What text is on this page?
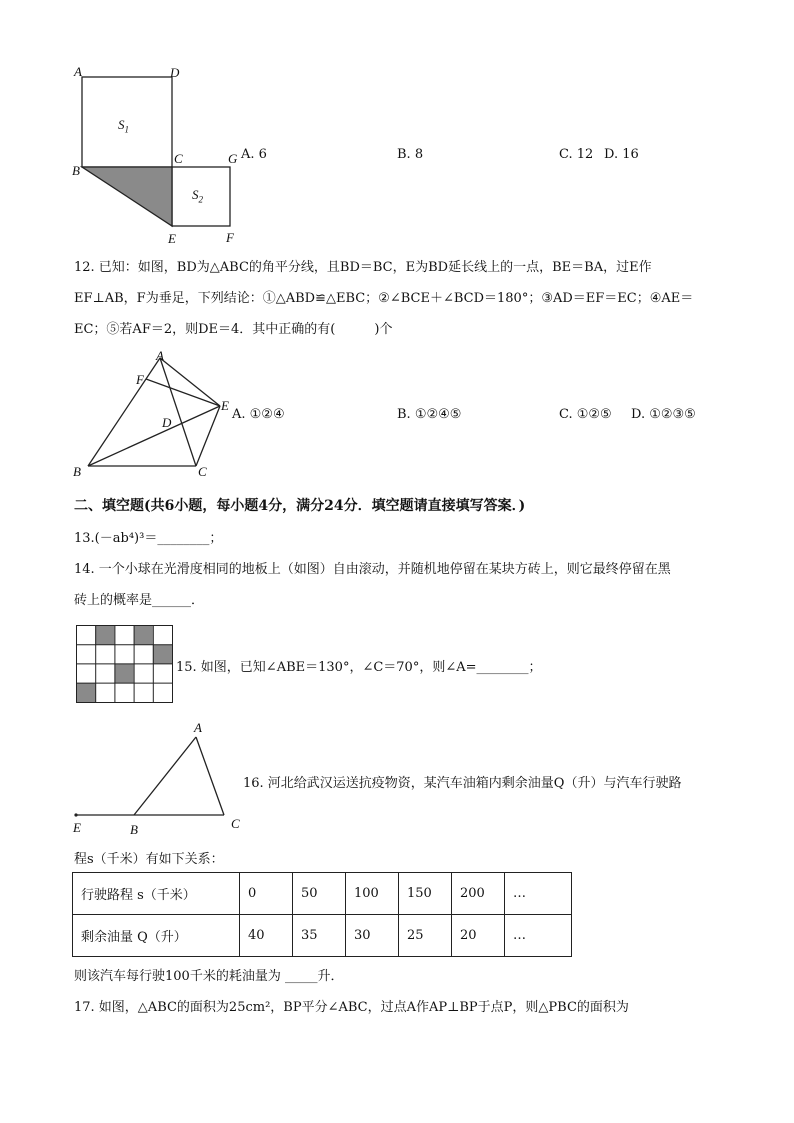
A	D
B
C	G
E	F
$S_1$
$S_2$
A. 6	B. 8	C. 12 D. 16
12. 已知：如图，BD为△ABC的角平分线，且BD＝BC，E为BD延长线上的一点，BE＝BA，过E作
EF⊥AB，F为垂足，下列结论：①△ABD≌△EBC；②∠BCE＋∠BCD＝180°；③AD＝EF＝EC；④AE＝
EC；⑤若AF＝2，则DE＝4．其中正确的有(　　　)个
A
F
E
D
B	C
A. ①②④	B. ①②④⑤	C. ①②⑤ D. ①②③⑤
二、填空题(共6小题，每小题4分，满分24分．填空题请直接填写答案．)
13.(－ab⁴)³＝________；
14. 一个小球在光滑度相同的地板上（如图）自由滚动，并随机地停留在某块方砖上，则它最终停留在黑
砖上的概率是______．
15. 如图，已知∠ABE＝130°，∠C＝70°，则∠A=________；
A
E	B	C
16. 河北给武汉运送抗疫物资，某汽车油箱内剩余油量Q（升）与汽车行驶路
程s（千米）有如下关系：
行驶路程 s（千米）	0	50	100	150	200	…
剩余油量 Q（升）	40	35	30	25	20	…
则该汽车每行驶100千米的耗油量为 _____升．
17. 如图，△ABC的面积为25cm²，BP平分∠ABC，过点A作AP⊥BP于点P，则△PBC的面积为
